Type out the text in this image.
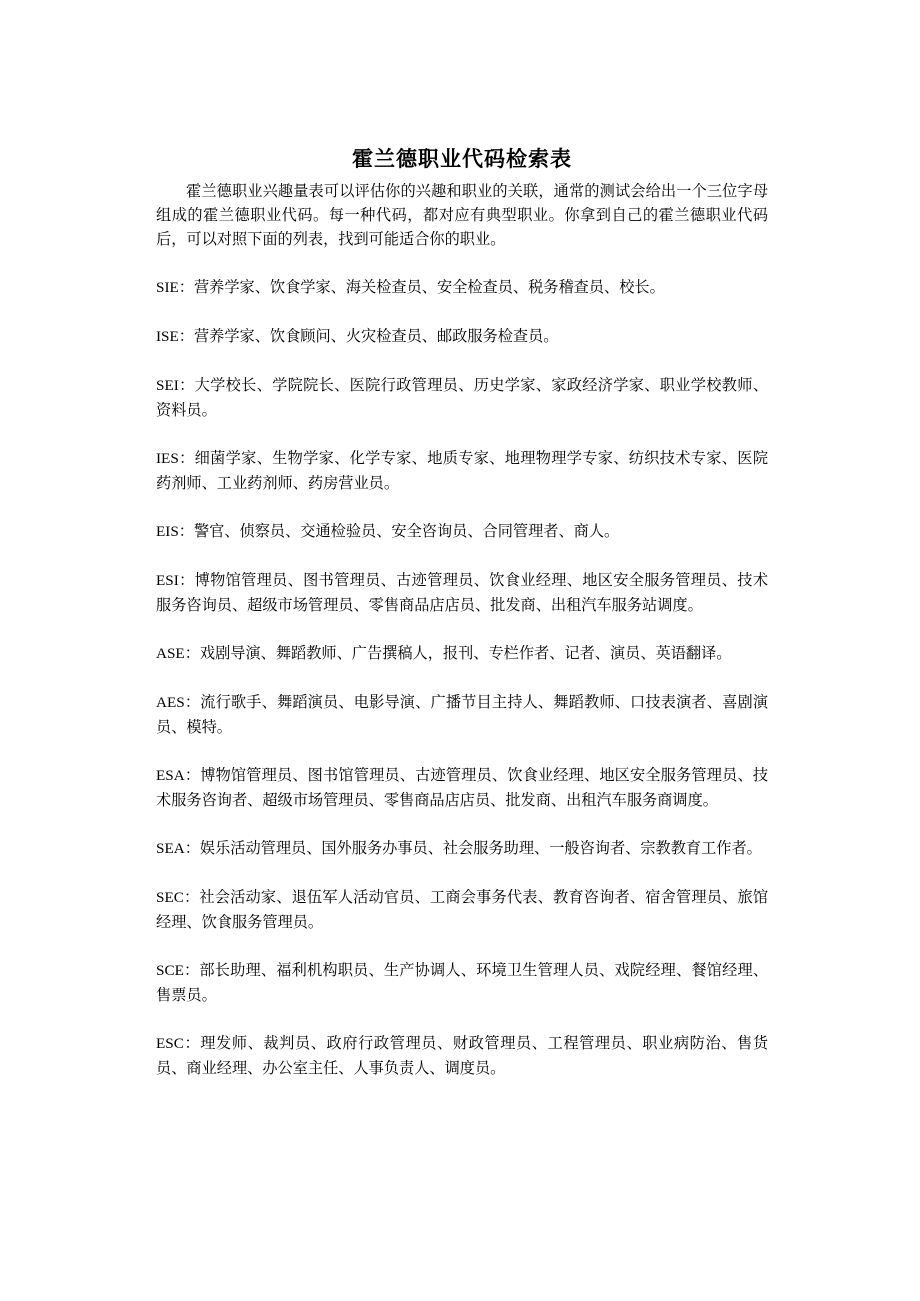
霍兰德职业代码检索表

霍兰德职业兴趣量表可以评估你的兴趣和职业的关联，通常的测试会给出一个三位字母组成的霍兰德职业代码。每一种代码，都对应有典型职业。你拿到自己的霍兰德职业代码后，可以对照下面的列表，找到可能适合你的职业。

SIE：营养学家、饮食学家、海关检查员、安全检查员、税务稽查员、校长。

ISE：营养学家、饮食顾问、火灾检查员、邮政服务检查员。

SEI：大学校长、学院院长、医院行政管理员、历史学家、家政经济学家、职业学校教师、资料员。

IES：细菌学家、生物学家、化学专家、地质专家、地理物理学专家、纺织技术专家、医院药剂师、工业药剂师、药房营业员。

EIS：警官、侦察员、交通检验员、安全咨询员、合同管理者、商人。

ESI：博物馆管理员、图书管理员、古迹管理员、饮食业经理、地区安全服务管理员、技术服务咨询员、超级市场管理员、零售商品店店员、批发商、出租汽车服务站调度。

ASE：戏剧导演、舞蹈教师、广告撰稿人，报刊、专栏作者、记者、演员、英语翻译。

AES：流行歌手、舞蹈演员、电影导演、广播节目主持人、舞蹈教师、口技表演者、喜剧演员、模特。

ESA：博物馆管理员、图书馆管理员、古迹管理员、饮食业经理、地区安全服务管理员、技术服务咨询者、超级市场管理员、零售商品店店员、批发商、出租汽车服务商调度。

SEA：娱乐活动管理员、国外服务办事员、社会服务助理、一般咨询者、宗教教育工作者。

SEC：社会活动家、退伍军人活动官员、工商会事务代表、教育咨询者、宿舍管理员、旅馆经理、饮食服务管理员。

SCE：部长助理、福利机构职员、生产协调人、环境卫生管理人员、戏院经理、餐馆经理、售票员。

ESC：理发师、裁判员、政府行政管理员、财政管理员、工程管理员、职业病防治、售货员、商业经理、办公室主任、人事负责人、调度员。
